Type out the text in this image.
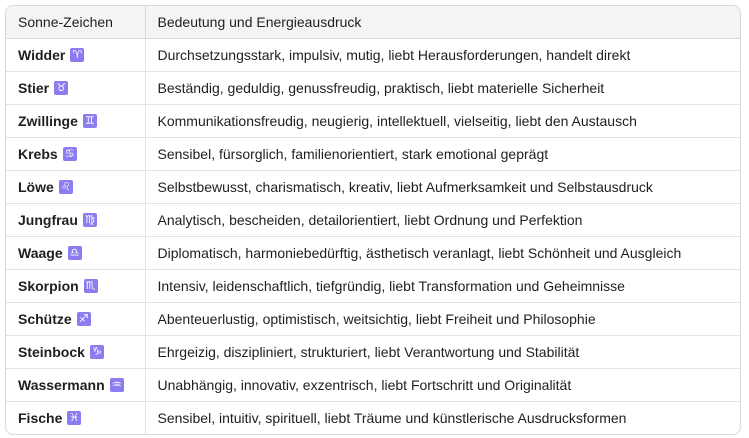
Sonne-Zeichen	Bedeutung und Energieausdruck

Widder ♈	Durchsetzungsstark, impulsiv, mutig, liebt Herausforderungen, handelt direkt

Stier ♉	Beständig, geduldig, genussfreudig, praktisch, liebt materielle Sicherheit

Zwillinge ♊	Kommunikationsfreudig, neugierig, intellektuell, vielseitig, liebt den Austausch

Krebs ♋	Sensibel, fürsorglich, familienorientiert, stark emotional geprägt

Löwe ♌	Selbstbewusst, charismatisch, kreativ, liebt Aufmerksamkeit und Selbstausdruck

Jungfrau ♍	Analytisch, bescheiden, detailorientiert, liebt Ordnung und Perfektion

Waage ♎	Diplomatisch, harmoniebedürftig, ästhetisch veranlagt, liebt Schönheit und Ausgleich

Skorpion ♏	Intensiv, leidenschaftlich, tiefgründig, liebt Transformation und Geheimnisse

Schütze ♐	Abenteuerlustig, optimistisch, weitsichtig, liebt Freiheit und Philosophie

Steinbock ♑	Ehrgeizig, diszipliniert, strukturiert, liebt Verantwortung und Stabilität

Wassermann ♒	Unabhängig, innovativ, exzentrisch, liebt Fortschritt und Originalität

Fische ♓	Sensibel, intuitiv, spirituell, liebt Träume und künstlerische Ausdrucksformen
